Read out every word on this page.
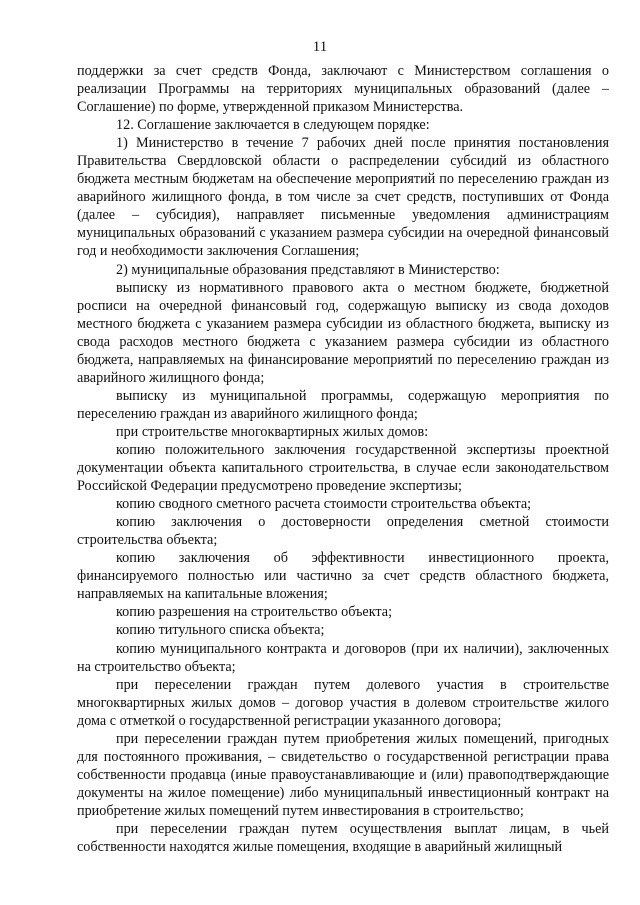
11

поддержки за счет средств Фонда, заключают с Министерством соглашения о реализации Программы на территориях муниципальных образований (далее – Соглашение) по форме, утвержденной приказом Министерства.

12. Соглашение заключается в следующем порядке:

1) Министерство в течение 7 рабочих дней после принятия постановления Правительства Свердловской области о распределении субсидий из областного бюджета местным бюджетам на обеспечение мероприятий по переселению граждан из аварийного жилищного фонда, в том числе за счет средств, поступивших от Фонда (далее – субсидия), направляет письменные уведомления администрациям муниципальных образований с указанием размера субсидии на очередной финансовый год и необходимости заключения Соглашения;

2) муниципальные образования представляют в Министерство:

выписку из нормативного правового акта о местном бюджете, бюджетной росписи на очередной финансовый год, содержащую выписку из свода доходов местного бюджета с указанием размера субсидии из областного бюджета, выписку из свода расходов местного бюджета с указанием размера субсидии из областного бюджета, направляемых на финансирование мероприятий по переселению граждан из аварийного жилищного фонда;

выписку из муниципальной программы, содержащую мероприятия по переселению граждан из аварийного жилищного фонда;

при строительстве многоквартирных жилых домов:

копию положительного заключения государственной экспертизы проектной документации объекта капитального строительства, в случае если законодательством Российской Федерации предусмотрено проведение экспертизы;

копию сводного сметного расчета стоимости строительства объекта;

копию заключения о достоверности определения сметной стоимости строительства объекта;

копию заключения об эффективности инвестиционного проекта, финансируемого полностью или частично за счет средств областного бюджета, направляемых на капитальные вложения;

копию разрешения на строительство объекта;

копию титульного списка объекта;

копию муниципального контракта и договоров (при их наличии), заключенных на строительство объекта;

при переселении граждан путем долевого участия в строительстве многоквартирных жилых домов – договор участия в долевом строительстве жилого дома с отметкой о государственной регистрации указанного договора;

при переселении граждан путем приобретения жилых помещений, пригодных для постоянного проживания, – свидетельство о государственной регистрации права собственности продавца (иные правоустанавливающие и (или) правоподтверждающие документы на жилое помещение) либо муниципальный инвестиционный контракт на приобретение жилых помещений путем инвестирования в строительство;

при переселении граждан путем осуществления выплат лицам, в чьей собственности находятся жилые помещения, входящие в аварийный жилищный
